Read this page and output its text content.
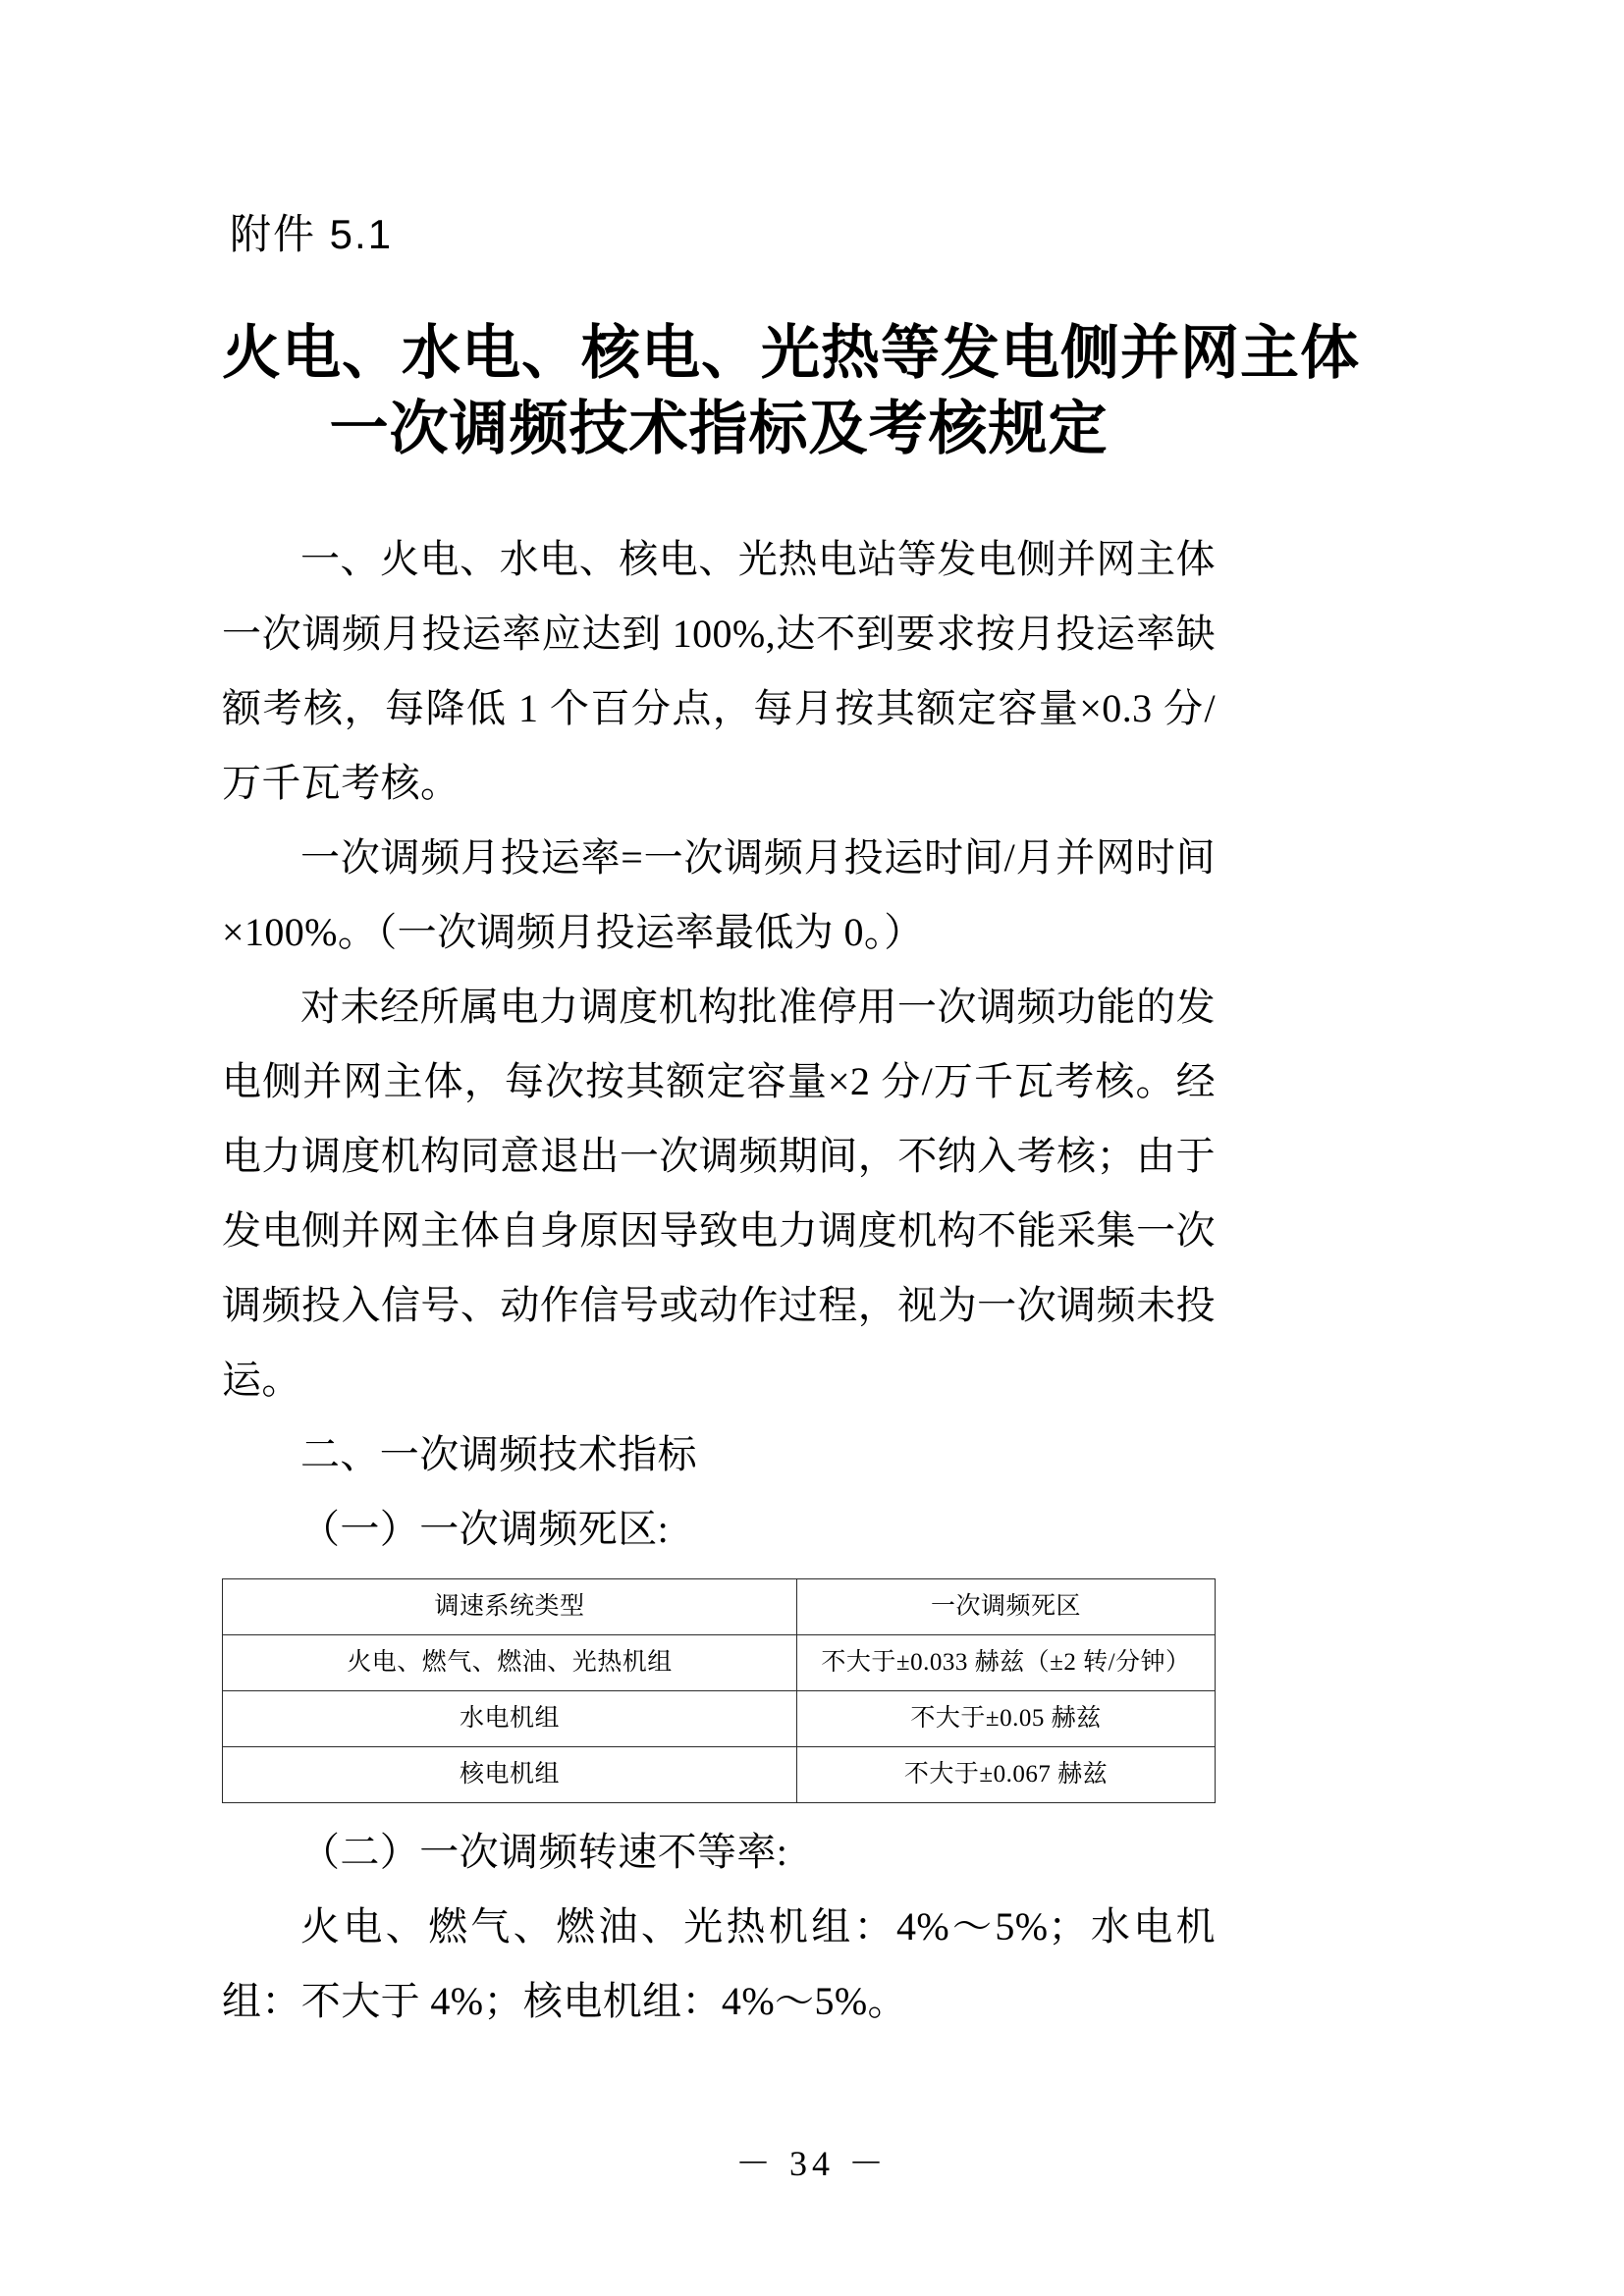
附件 5.1
火电、水电、核电、光热等发电侧并网主体
一次调频技术指标及考核规定

一、火电、水电、核电、光热电站等发电侧并网主体一次调频月投运率应达到 100%,达不到要求按月投运率缺额考核，每降低 1 个百分点，每月按其额定容量×0.3 分/万千瓦考核。

一次调频月投运率=一次调频月投运时间/月并网时间×100%。（一次调频月投运率最低为 0。）

对未经所属电力调度机构批准停用一次调频功能的发电侧并网主体，每次按其额定容量×2 分/万千瓦考核。经电力调度机构同意退出一次调频期间，不纳入考核；由于发电侧并网主体自身原因导致电力调度机构不能采集一次调频投入信号、动作信号或动作过程，视为一次调频未投运。

二、一次调频技术指标

（一）一次调频死区:

调速系统类型	一次调频死区
火电、燃气、燃油、光热机组	不大于±0.033 赫兹（±2 转/分钟）
水电机组	不大于±0.05 赫兹
核电机组	不大于±0.067 赫兹

（二）一次调频转速不等率:

火电、燃气、燃油、光热机组：4%～5%；水电机组：不大于 4%；核电机组：4%～5%。

－ 34 －
